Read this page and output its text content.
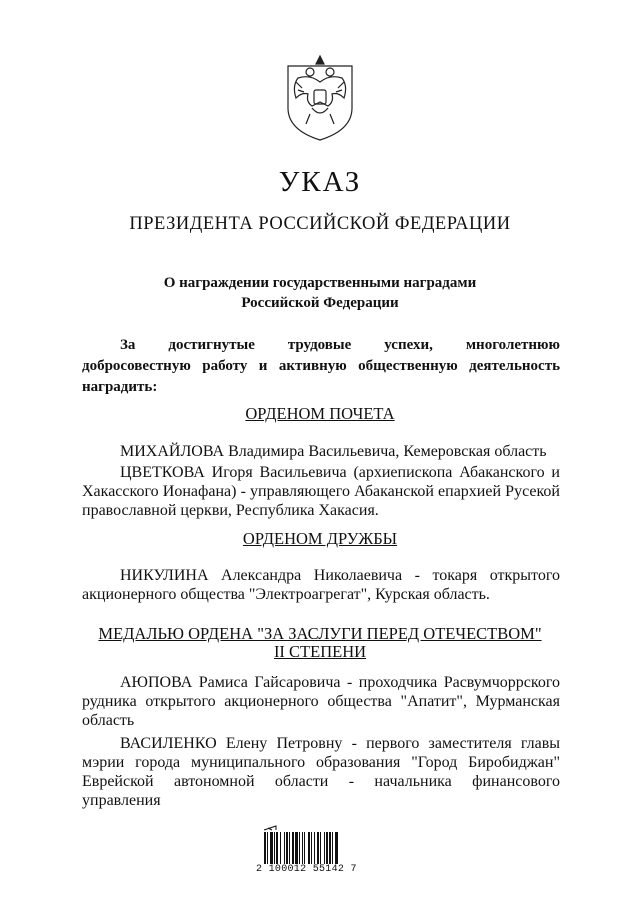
УКАЗ
ПРЕЗИДЕНТА РОССИЙСКОЙ ФЕДЕРАЦИИ
О награждении государственными наградами
Российской Федерации
За достигнутые трудовые успехи, многолетнюю
добросовестную работу и активную общественную деятельность
наградить:
ОРДЕНОМ ПОЧЕТА
МИХАЙЛОВА Владимира Васильевича, Кемеровская область
ЦВЕТКОВА Игоря Васильевича (архиепископа Абаканского и
Хакасского Ионафана) - управляющего Абаканской епархией Русекой
православной церкви, Республика Хакасия.
ОРДЕНОМ ДРУЖБЫ
НИКУЛИНА Александра Николаевича - токаря открытого
акционерного общества "Электроагрегат", Курская область.
МЕДАЛЬЮ ОРДЕНА "ЗА ЗАСЛУГИ ПЕРЕД ОТЕЧЕСТВОМ"
II СТЕПЕНИ
АЮПОВА Рамиса Гайсаровича - проходчика Расвумчоррского
рудника открытого акционерного общества "Апатит", Мурманская
область
ВАСИЛЕНКО Елену Петровну - первого заместителя главы
мэрии города муниципального образования "Город Биробиджан"
Еврейской автономной области - начальника финансового управления
2 100012 55142 7
